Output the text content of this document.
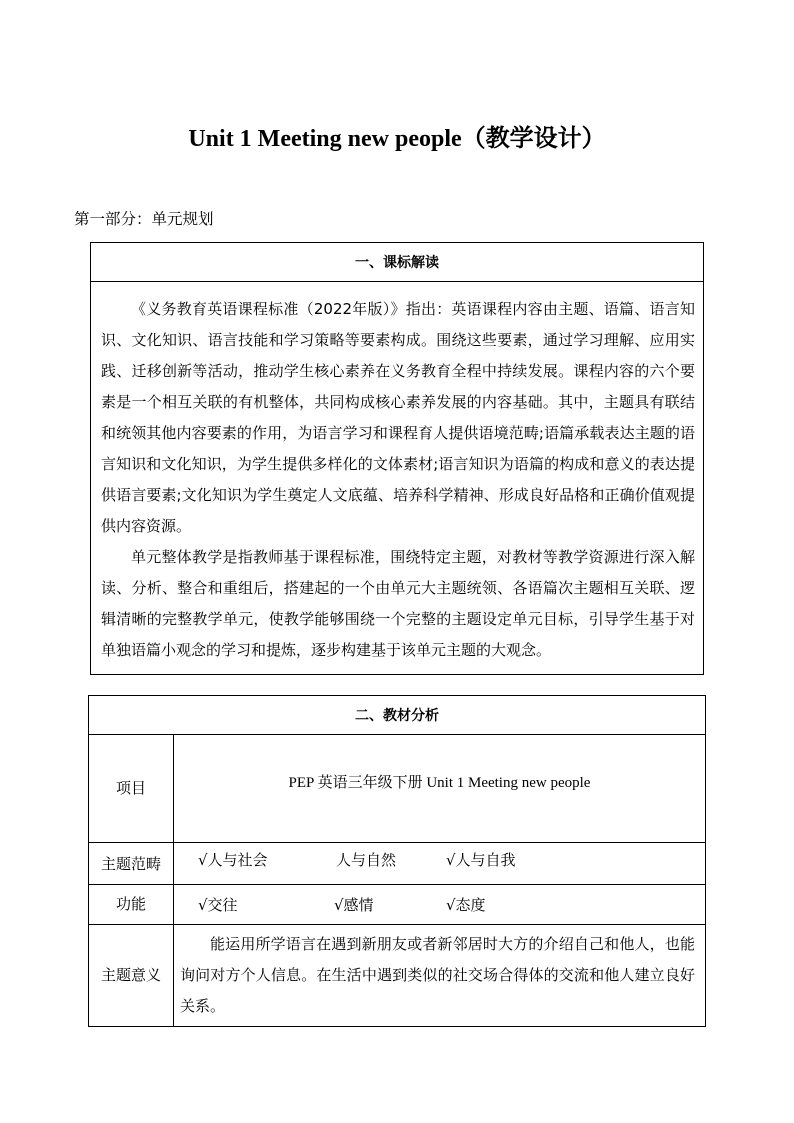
Unit 1 Meeting new people（教学设计）
第一部分：单元规划
一、课标解读

《义务教育英语课程标准（2022年版）》指出：英语课程内容由主题、语篇、语言知识、文化知识、语言技能和学习策略等要素构成。围绕这些要素，通过学习理解、应用实践、迁移创新等活动，推动学生核心素养在义务教育全程中持续发展。课程内容的六个要素是一个相互关联的有机整体，共同构成核心素养发展的内容基础。其中，主题具有联结和统领其他内容要素的作用，为语言学习和课程育人提供语境范畴;语篇承载表达主题的语言知识和文化知识，为学生提供多样化的文体素材;语言知识为语篇的构成和意义的表达提供语言要素;文化知识为学生奠定人文底蕴、培养科学精神、形成良好品格和正确价值观提供内容资源。

单元整体教学是指教师基于课程标准，围绕特定主题，对教材等教学资源进行深入解读、分析、整合和重组后，搭建起的一个由单元大主题统领、各语篇次主题相互关联、逻辑清晰的完整教学单元，使教学能够围绕一个完整的主题设定单元目标，引导学生基于对单独语篇小观念的学习和提炼，逐步构建基于该单元主题的大观念。

二、教材分析	
项目	PEP 英语三年级下册 Unit 1 Meeting new people
主题范畴	√人与社会 人与自然 √人与自我

功能	√交往 √感情 √态度

主题意义	能运用所学语言在遇到新朋友或者新邻居时大方的介绍自己和他人，也能询问对方个人信息。在生活中遇到类似的社交场合得体的交流和他人建立良好关系。
